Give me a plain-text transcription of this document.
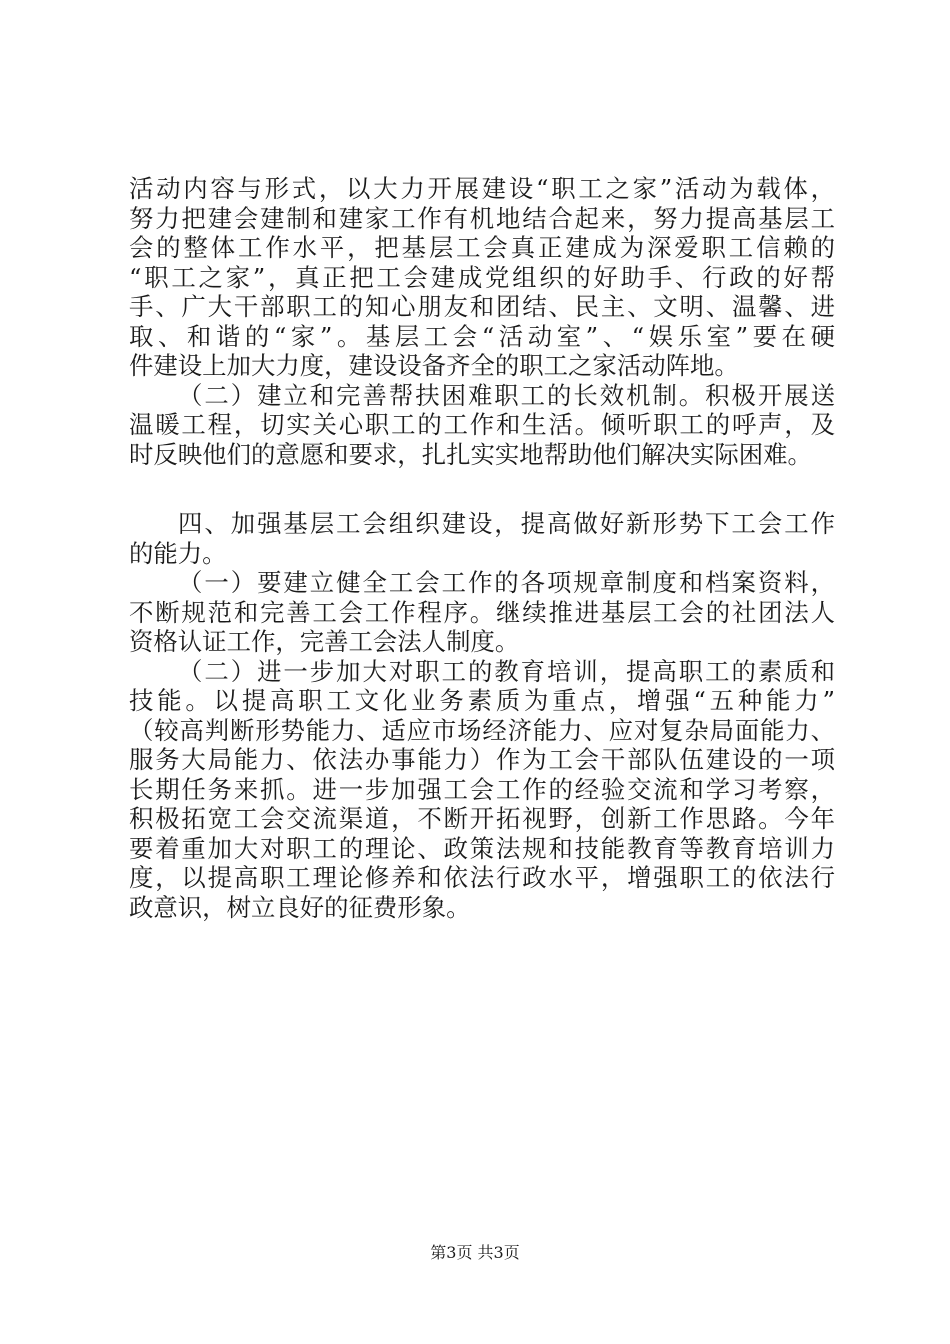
活动内容与形式，以大力开展建设“职工之家”活动为载体，
努力把建会建制和建家工作有机地结合起来，努力提高基层工
会的整体工作水平，把基层工会真正建成为深爱职工信赖的
“职工之家”，真正把工会建成党组织的好助手、行政的好帮
手、广大干部职工的知心朋友和团结、民主、文明、温馨、进
取、和谐的“家”。基层工会“活动室”、“娱乐室”要在硬
件建设上加大力度，建设设备齐全的职工之家活动阵地。
（二）建立和完善帮扶困难职工的长效机制。积极开展送
温暖工程，切实关心职工的工作和生活。倾听职工的呼声，及
时反映他们的意愿和要求，扎扎实实地帮助他们解决实际困难。
四、加强基层工会组织建设，提高做好新形势下工会工作
的能力。
（一）要建立健全工会工作的各项规章制度和档案资料，
不断规范和完善工会工作程序。继续推进基层工会的社团法人
资格认证工作，完善工会法人制度。
（二）进一步加大对职工的教育培训，提高职工的素质和
技能。以提高职工文化业务素质为重点，增强“五种能力”
（较高判断形势能力、适应市场经济能力、应对复杂局面能力、
服务大局能力、依法办事能力）作为工会干部队伍建设的一项
长期任务来抓。进一步加强工会工作的经验交流和学习考察，
积极拓宽工会交流渠道，不断开拓视野，创新工作思路。今年
要着重加大对职工的理论、政策法规和技能教育等教育培训力
度，以提高职工理论修养和依法行政水平，增强职工的依法行
政意识，树立良好的征费形象。
第3页 共3页
